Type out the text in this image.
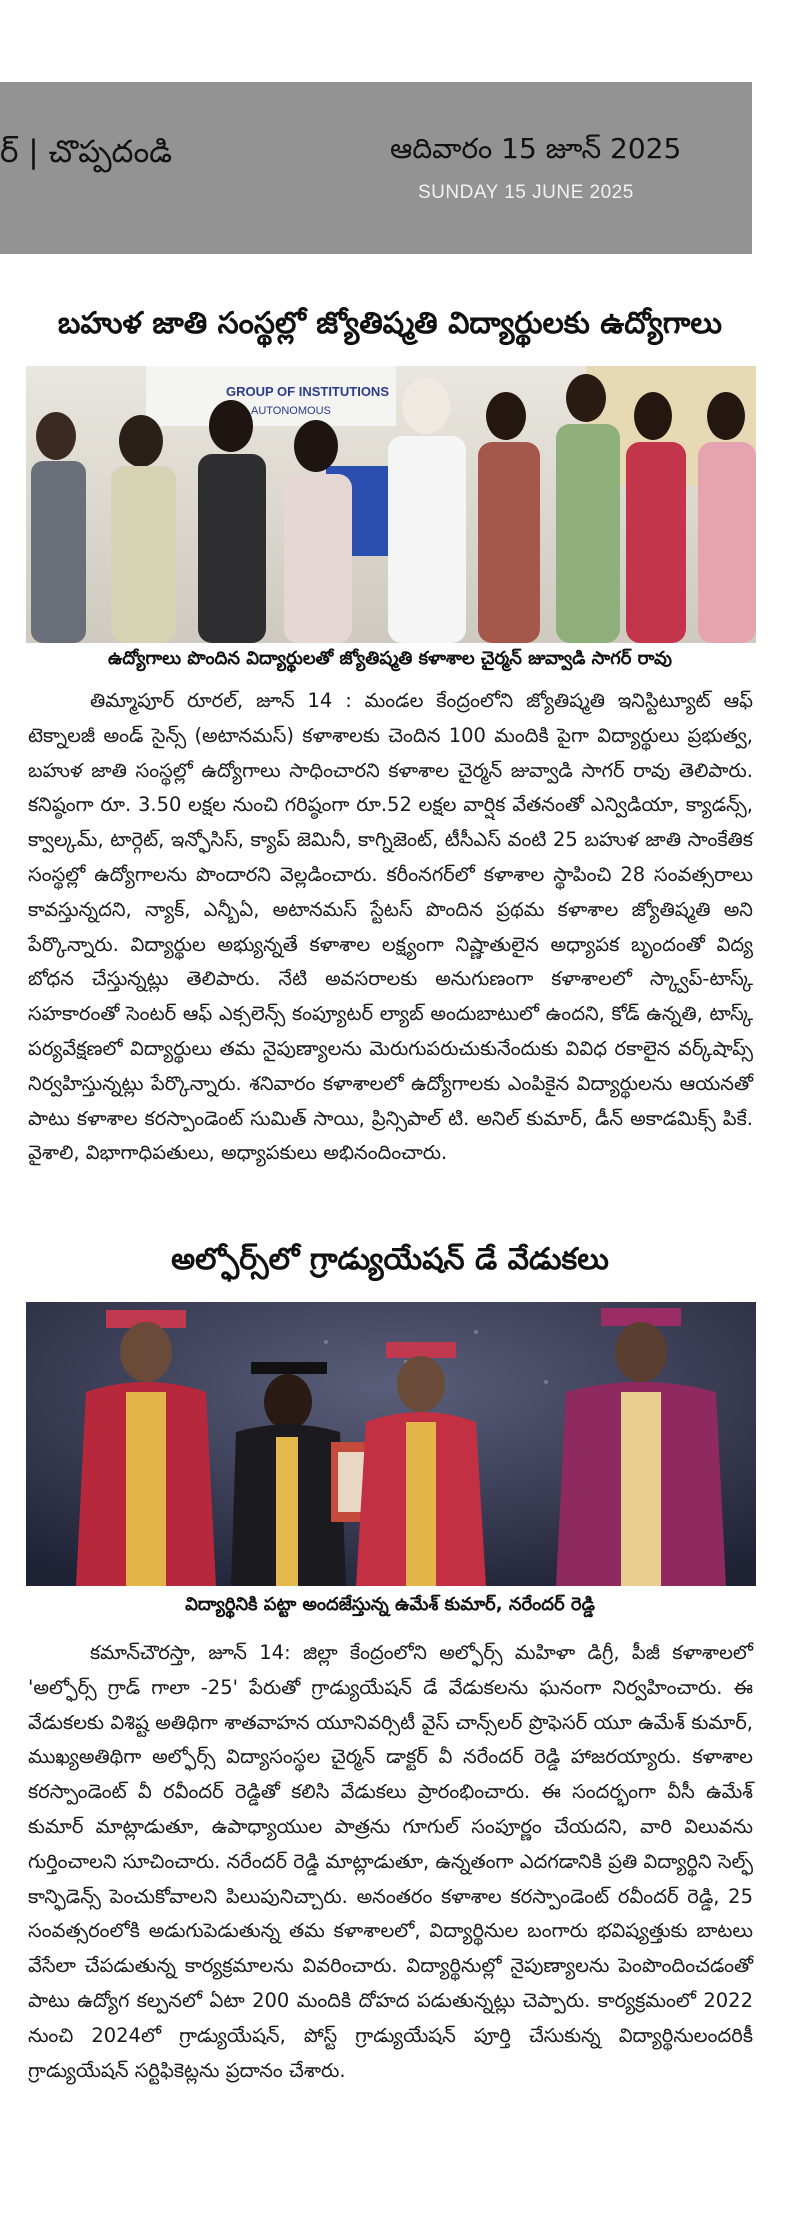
ర్ | చొప్పదండి	ఆదివారం 15 జూన్ 2025
SUNDAY 15 JUNE 2025
బహుళ జాతి సంస్థల్లో జ్యోతిష్మతి విద్యార్థులకు ఉద్యోగాలు
GROUP OF INSTITUTIONS
AUTONOMOUS
ఉద్యోగాలు పొందిన విద్యార్థులతో జ్యోతిష్మతి కళాశాల చైర్మన్ జువ్వాడి సాగర్ రావు
తిమ్మాపూర్ రూరల్, జూన్ 14 : మండల కేంద్రంలోని జ్యోతిష్మతి ఇనిస్టిట్యూట్ ఆఫ్ టెక్నాలజీ అండ్ సైన్స్ (అటానమస్) కళాశాలకు చెందిన 100 మందికి పైగా విద్యార్థులు ప్రభుత్వ, బహుళ జాతి సంస్థల్లో ఉద్యోగాలు సాధించారని కళాశాల చైర్మన్ జువ్వాడి సాగర్ రావు తెలిపారు. కనిష్ఠంగా రూ. 3.50 లక్షల నుంచి గరిష్ఠంగా రూ.52 లక్షల వార్షిక వేతనంతో ఎన్విడియా, క్యాడన్స్, క్వాల్కమ్, టార్గెట్, ఇన్ఫోసిస్, క్యాప్ జెమినీ, కాగ్నిజెంట్, టీసీఎస్ వంటి 25 బహుళ జాతి సాంకేతిక సంస్థల్లో ఉద్యోగాలను పొందారని వెల్లడించారు. కరీంనగర్‌లో కళాశాల స్థాపించి 28 సంవత్సరాలు కావస్తున్నదని, న్యాక్, ఎన్బీఏ, అటానమస్ స్టేటస్ పొందిన ప్రథమ కళాశాల జ్యోతిష్మతి అని పేర్కొన్నారు. విద్యార్థుల అభ్యున్నతే కళాశాల లక్ష్యంగా నిష్ణాతులైన అధ్యాపక బృందంతో విద్య బోధన చేస్తున్నట్లు తెలిపారు. నేటి అవసరాలకు అనుగుణంగా కళాశాలలో స్క్వాప్-టాస్క్ సహకారంతో సెంటర్ ఆఫ్ ఎక్సలెన్స్ కంప్యూటర్ ల్యాబ్ అందుబాటులో ఉందని, కోడ్ ఉన్నతి, టాస్క్ పర్యవేక్షణలో విద్యార్థులు తమ నైపుణ్యాలను మెరుగుపరుచుకునేందుకు వివిధ రకాలైన వర్క్‌షాప్స్ నిర్వహిస్తున్నట్లు పేర్కొన్నారు. శనివారం కళాశాలలో ఉద్యోగాలకు ఎంపికైన విద్యార్థులను ఆయనతో పాటు కళాశాల కరస్పాండెంట్ సుమిత్ సాయి, ప్రిన్సిపాల్ టి. అనిల్ కుమార్, డీన్ అకాడమిక్స్ పికే. వైశాలి, విభాగాధిపతులు, అధ్యాపకులు అభినందించారు.
అల్ఫోర్స్‌లో గ్రాడ్యుయేషన్ డే వేడుకలు
విద్యార్థినికి పట్టా అందజేస్తున్న ఉమేశ్ కుమార్, నరేందర్ రెడ్డి
కమాన్‌చౌరస్తా, జూన్ 14: జిల్లా కేంద్రంలోని అల్ఫోర్స్ మహిళా డిగ్రీ, పీజీ కళాశాలలో 'అల్ఫోర్స్ గ్రాడ్ గాలా -25' పేరుతో గ్రాడ్యుయేషన్ డే వేడుకలను ఘనంగా నిర్వహించారు. ఈ వేడుకలకు విశిష్ట అతిథిగా శాతవాహన యూనివర్సిటీ వైస్ చాన్స్‌లర్ ప్రొఫెసర్ యూ ఉమేశ్ కుమార్, ముఖ్యఅతిథిగా అల్ఫోర్స్ విద్యాసంస్థల చైర్మన్ డాక్టర్ వీ నరేందర్ రెడ్డి హాజరయ్యారు. కళాశాల కరస్పాండెంట్ వీ రవీందర్ రెడ్డితో కలిసి వేడుకలు ప్రారంభించారు. ఈ సందర్భంగా వీసీ ఉమేశ్ కుమార్ మాట్లాడుతూ, ఉపాధ్యాయుల పాత్రను గూగుల్ సంపూర్ణం చేయదని, వారి విలువను గుర్తించాలని సూచించారు. నరేందర్ రెడ్డి మాట్లాడుతూ, ఉన్నతంగా ఎదగడానికి ప్రతి విద్యార్థిని సెల్ఫ్ కాన్ఫిడెన్స్ పెంచుకోవాలని పిలుపునిచ్చారు. అనంతరం కళాశాల కరస్పాండెంట్ రవీందర్ రెడ్డి, 25 సంవత్సరంలోకి అడుగుపెడుతున్న తమ కళాశాలలో, విద్యార్థినుల బంగారు భవిష్యత్తుకు బాటలు వేసేలా చేపడుతున్న కార్యక్రమాలను వివరించారు. విద్యార్థినుల్లో నైపుణ్యాలను పెంపొందించడంతో పాటు ఉద్యోగ కల్పనలో ఏటా 200 మందికి దోహద పడుతున్నట్లు చెప్పారు. కార్యక్రమంలో 2022 నుంచి 2024లో గ్రాడ్యుయేషన్, పోస్ట్ గ్రాడ్యుయేషన్ పూర్తి చేసుకున్న విద్యార్థినులందరికీ గ్రాడ్యుయేషన్ సర్టిఫికెట్లను ప్రదానం చేశారు.
